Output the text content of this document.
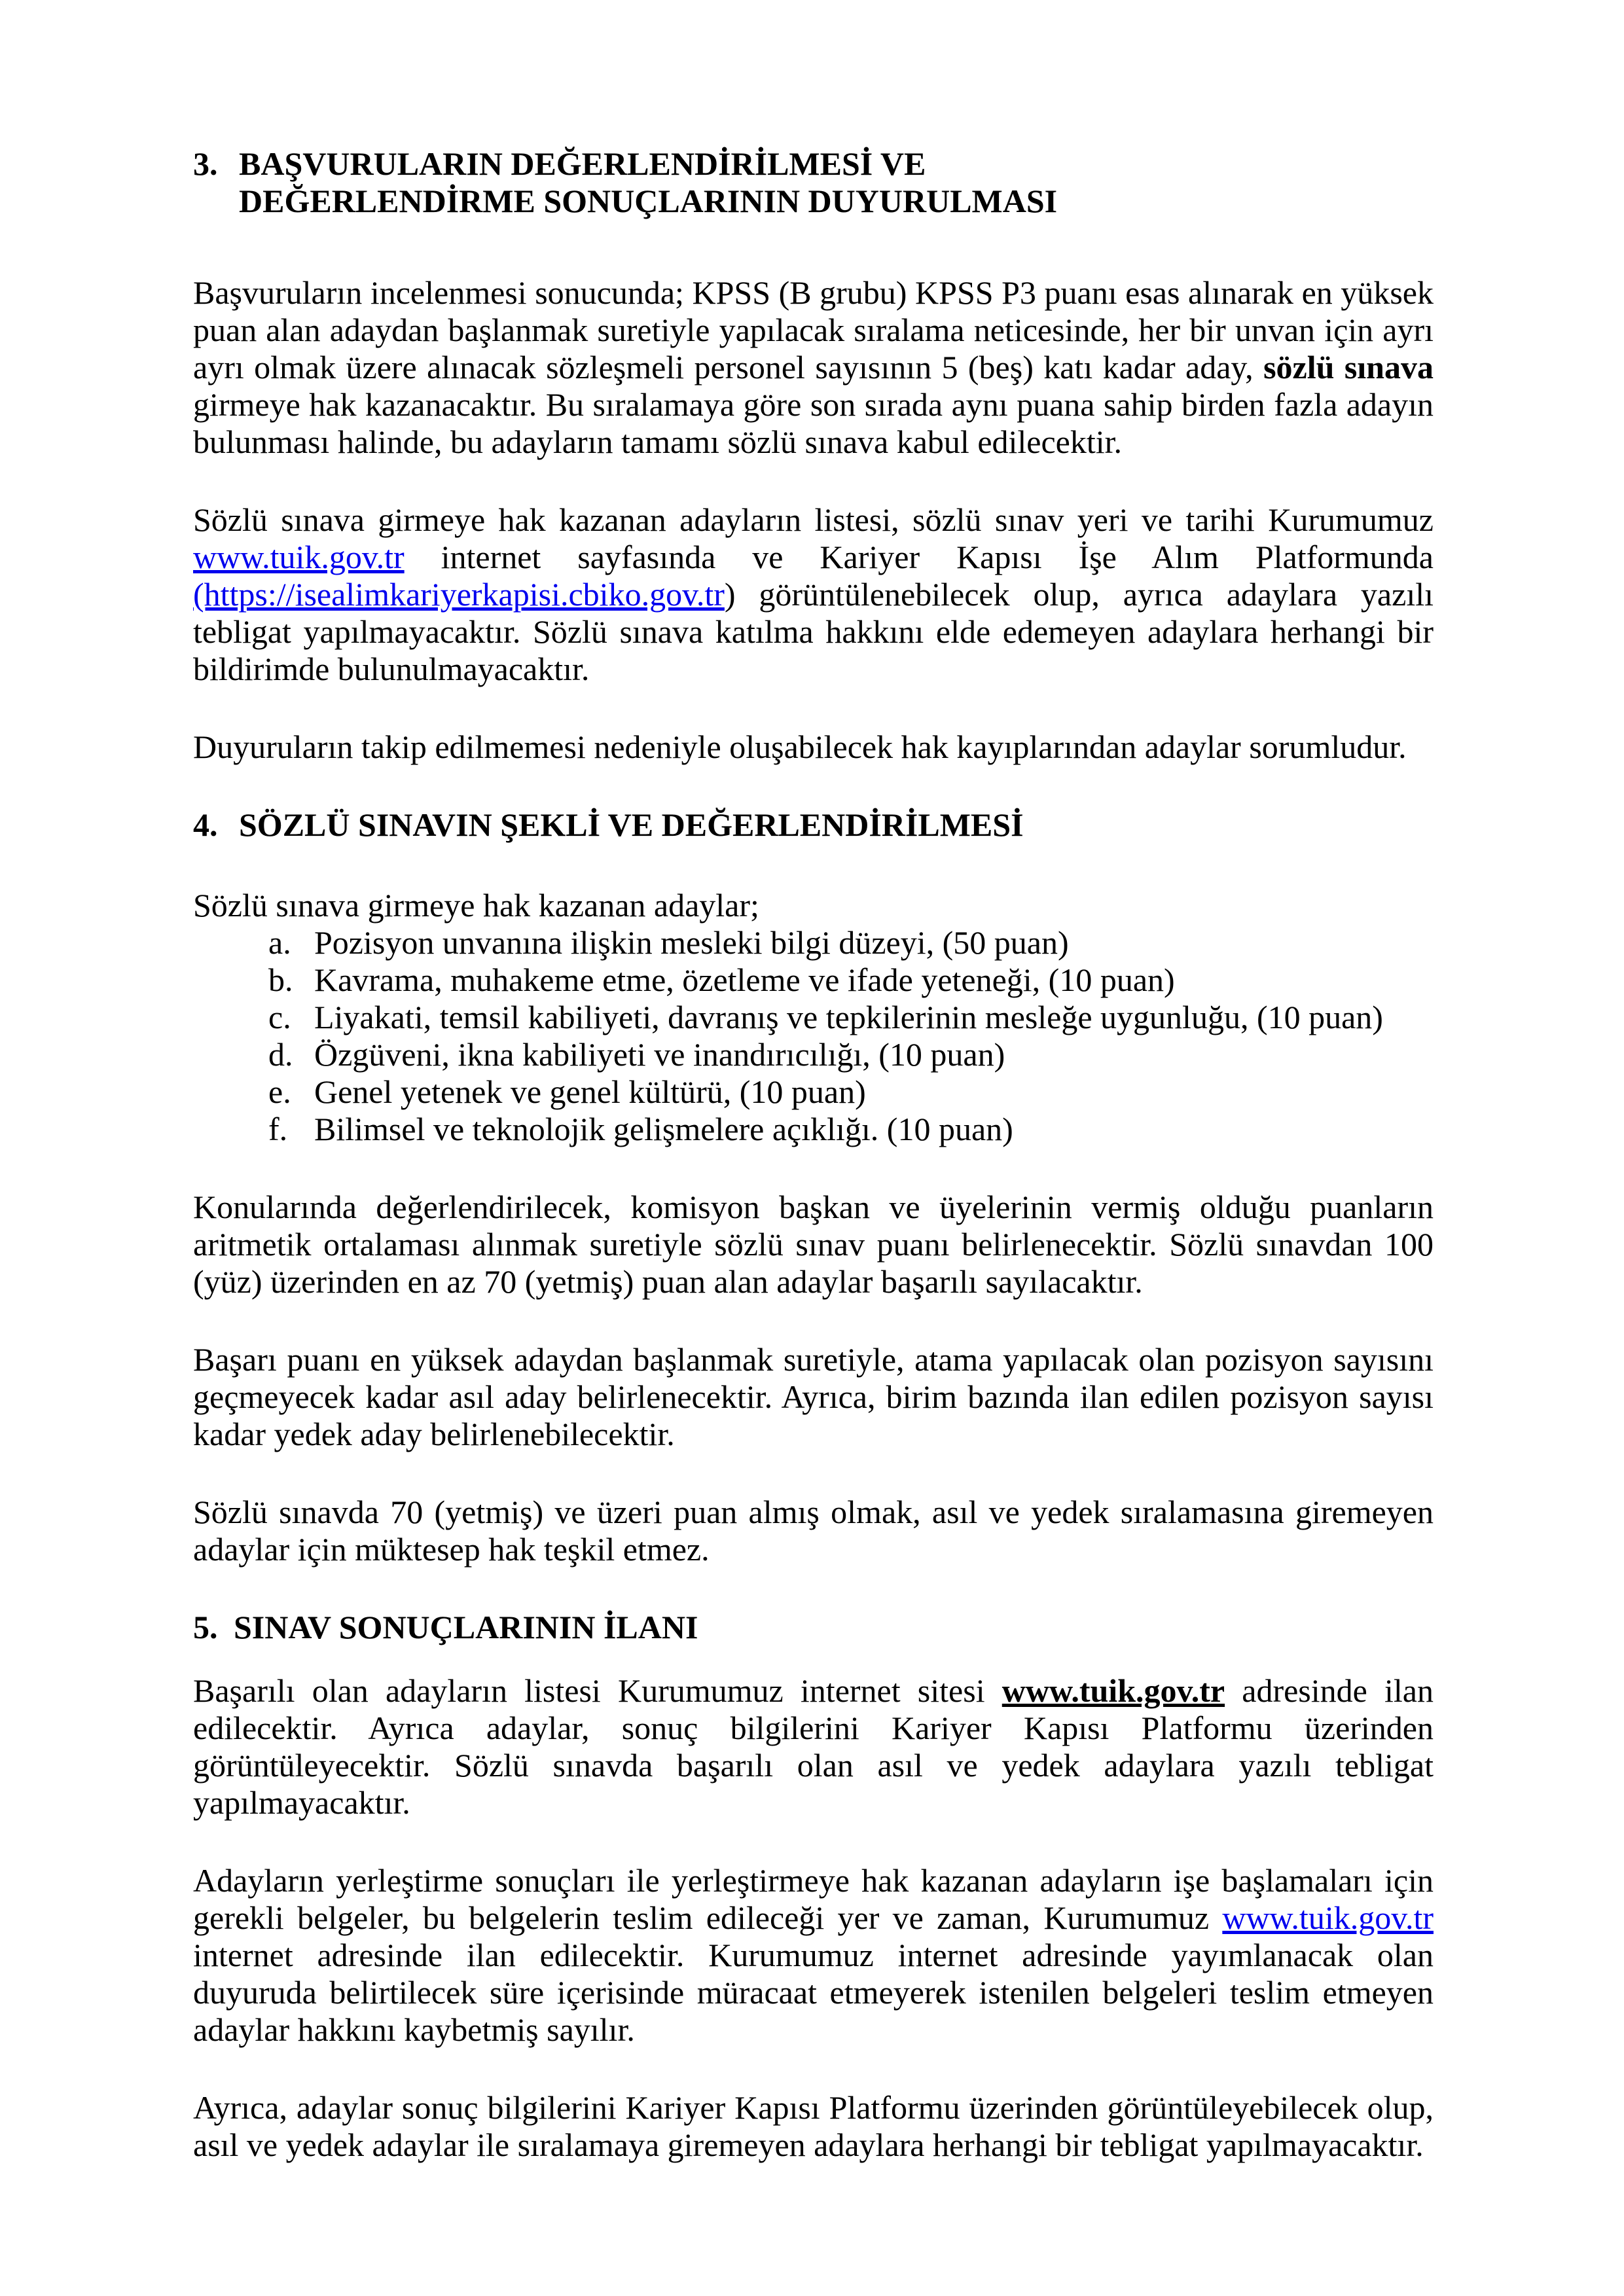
3. BAŞVURULARIN DEĞERLENDİRİLMESİ VE DEĞERLENDİRME SONUÇLARININ DUYURULMASI

Başvuruların incelenmesi sonucunda; KPSS (B grubu) KPSS P3 puanı esas alınarak en yüksek puan alan adaydan başlanmak suretiyle yapılacak sıralama neticesinde, her bir unvan için ayrı ayrı olmak üzere alınacak sözleşmeli personel sayısının 5 (beş) katı kadar aday, sözlü sınava girmeye hak kazanacaktır. Bu sıralamaya göre son sırada aynı puana sahip birden fazla adayın bulunması halinde, bu adayların tamamı sözlü sınava kabul edilecektir.

Sözlü sınava girmeye hak kazanan adayların listesi, sözlü sınav yeri ve tarihi Kurumumuz www.tuik.gov.tr internet sayfasında ve Kariyer Kapısı İşe Alım Platformunda (https://isealimkariyerkapisi.cbiko.gov.tr) görüntülenebilecek olup, ayrıca adaylara yazılı tebligat yapılmayacaktır. Sözlü sınava katılma hakkını elde edemeyen adaylara herhangi bir bildirimde bulunulmayacaktır.

Duyuruların takip edilmemesi nedeniyle oluşabilecek hak kayıplarından adaylar sorumludur.

4. SÖZLÜ SINAVIN ŞEKLİ VE DEĞERLENDİRİLMESİ

Sözlü sınava girmeye hak kazanan adaylar;

a. Pozisyon unvanına ilişkin mesleki bilgi düzeyi, (50 puan)
b. Kavrama, muhakeme etme, özetleme ve ifade yeteneği, (10 puan)
c. Liyakati, temsil kabiliyeti, davranış ve tepkilerinin mesleğe uygunluğu, (10 puan)
d. Özgüveni, ikna kabiliyeti ve inandırıcılığı, (10 puan)
e. Genel yetenek ve genel kültürü, (10 puan)
f. Bilimsel ve teknolojik gelişmelere açıklığı. (10 puan)

Konularında değerlendirilecek, komisyon başkan ve üyelerinin vermiş olduğu puanların aritmetik ortalaması alınmak suretiyle sözlü sınav puanı belirlenecektir. Sözlü sınavdan 100 (yüz) üzerinden en az 70 (yetmiş) puan alan adaylar başarılı sayılacaktır.

Başarı puanı en yüksek adaydan başlanmak suretiyle, atama yapılacak olan pozisyon sayısını geçmeyecek kadar asıl aday belirlenecektir. Ayrıca, birim bazında ilan edilen pozisyon sayısı kadar yedek aday belirlenebilecektir.

Sözlü sınavda 70 (yetmiş) ve üzeri puan almış olmak, asıl ve yedek sıralamasına giremeyen adaylar için müktesep hak teşkil etmez.

5. SINAV SONUÇLARININ İLANI

Başarılı olan adayların listesi Kurumumuz internet sitesi www.tuik.gov.tr adresinde ilan edilecektir. Ayrıca adaylar, sonuç bilgilerini Kariyer Kapısı Platformu üzerinden görüntüleyecektir. Sözlü sınavda başarılı olan asıl ve yedek adaylara yazılı tebligat yapılmayacaktır.

Adayların yerleştirme sonuçları ile yerleştirmeye hak kazanan adayların işe başlamaları için gerekli belgeler, bu belgelerin teslim edileceği yer ve zaman, Kurumumuz www.tuik.gov.tr internet adresinde ilan edilecektir. Kurumumuz internet adresinde yayımlanacak olan duyuruda belirtilecek süre içerisinde müracaat etmeyerek istenilen belgeleri teslim etmeyen adaylar hakkını kaybetmiş sayılır.

Ayrıca, adaylar sonuç bilgilerini Kariyer Kapısı Platformu üzerinden görüntüleyebilecek olup, asıl ve yedek adaylar ile sıralamaya giremeyen adaylara herhangi bir tebligat yapılmayacaktır.
